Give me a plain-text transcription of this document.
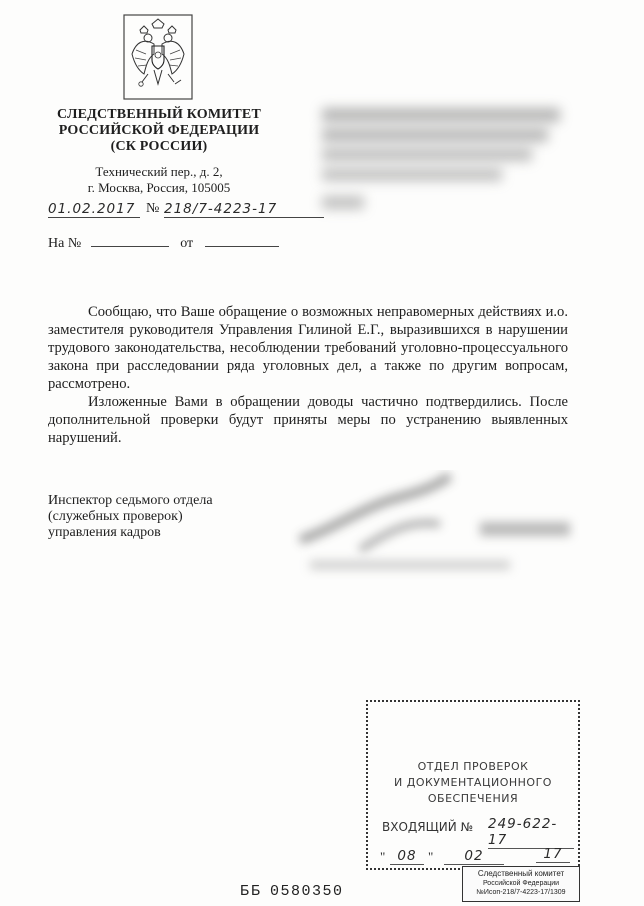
СЛЕДСТВЕННЫЙ КОМИТЕТ
РОССИЙСКОЙ ФЕДЕРАЦИИ
(СК РОССИИ)
Технический пер., д. 2,
г. Москва, Россия, 105005
01.02.2017 № 218/7-4223-17
На №	от

Сообщаю, что Ваше обращение о возможных неправомерных действиях и.о. заместителя руководителя Управления Гилиной Е.Г., выразившихся в нарушении трудового законодательства, несоблюдении требований уголовно-процессуального закона при расследовании ряда уголовных дел, а также по другим вопросам, рассмотрено.

Изложенные Вами в обращении доводы частично подтвердились. После дополнительной проверки будут приняты меры по устранению выявленных нарушений.

Инспектор седьмого отдела
(служебных проверок)
управления кадров
ОТДЕЛ ПРОВЕРОК
И ДОКУМЕНТАЦИОННОГО
ОБЕСПЕЧЕНИЯ
ВХОДЯЩИЙ № 249-622-17
" 08 "	02	17
ББ 0580350
Следственный комитет
Российской Федерации
№Исоп-218/7-4223-17/1309
